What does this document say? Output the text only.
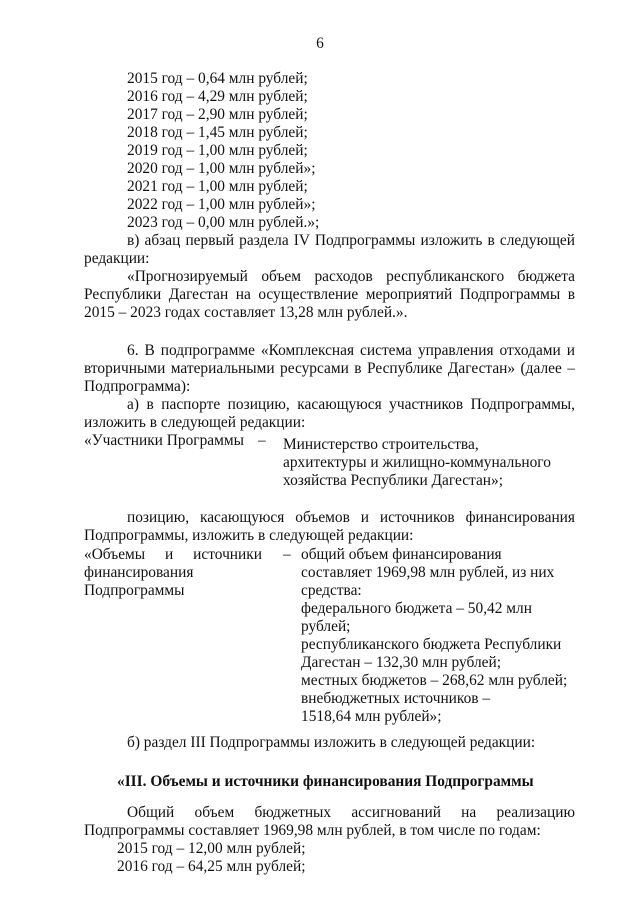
6
2015 год – 0,64 млн рублей;
2016 год – 4,29 млн рублей;
2017 год – 2,90 млн рублей;
2018 год – 1,45 млн рублей;
2019 год – 1,00 млн рублей;
2020 год – 1,00 млн рублей»;
2021 год – 1,00 млн рублей;
2022 год – 1,00 млн рублей»;
2023 год – 0,00 млн рублей.»;
в) абзац первый раздела IV Подпрограммы изложить в следующей
редакции:
«Прогнозируемый объем расходов республиканского бюджета
Республики Дагестан на осуществление мероприятий Подпрограммы в
2015 – 2023 годах составляет 13,28 млн рублей.».
6. В подпрограмме «Комплексная система управления отходами и
вторичными материальными ресурсами в Республике Дагестан» (далее –
Подпрограмма):
а) в паспорте позицию, касающуюся участников Подпрограммы,
изложить в следующей редакции:
«Участники Программы – Министерство строительства,
архитектуры и жилищно-коммунального
хозяйства Республики Дагестан»;
позицию, касающуюся объемов и источников финансирования
Подпрограммы, изложить в следующей редакции:
«Объемы и источники
финансирования
Подпрограммы
– общий объем финансирования
составляет 1969,98 млн рублей, из них
средства:
федерального бюджета – 50,42 млн
рублей;
республиканского бюджета Республики
Дагестан – 132,30 млн рублей;
местных бюджетов – 268,62 млн рублей;
внебюджетных источников –
1518,64 млн рублей»;
б) раздел III Подпрограммы изложить в следующей редакции:
«III. Объемы и источники финансирования Подпрограммы
Общий объем бюджетных ассигнований на реализацию
Подпрограммы составляет 1969,98 млн рублей, в том числе по годам:
2015 год – 12,00 млн рублей;
2016 год – 64,25 млн рублей;
